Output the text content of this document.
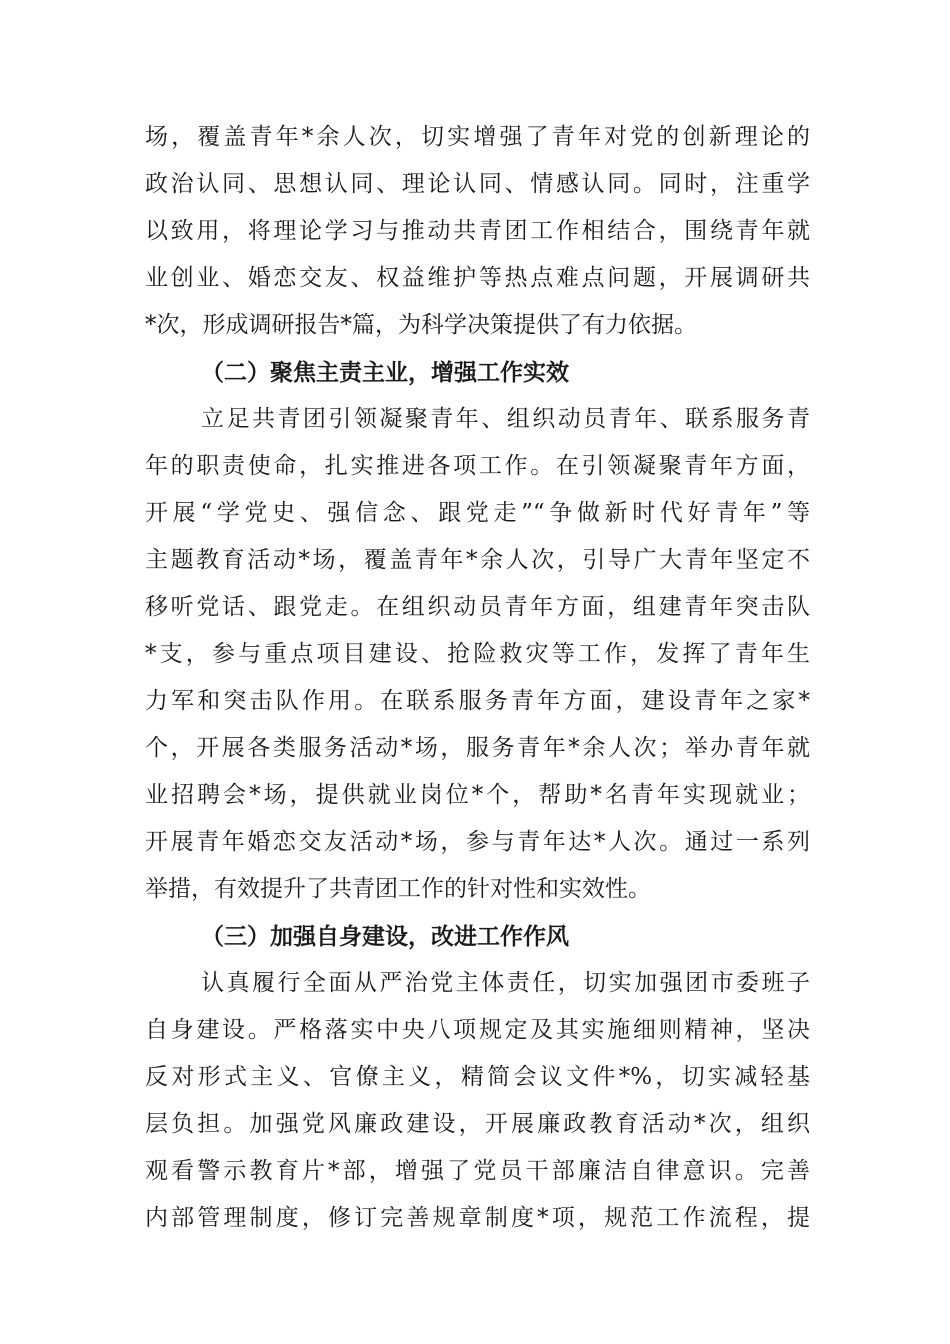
场，覆盖青年*余人次，切实增强了青年对党的创新理论的
政治认同、思想认同、理论认同、情感认同。同时，注重学
以致用，将理论学习与推动共青团工作相结合，围绕青年就
业创业、婚恋交友、权益维护等热点难点问题，开展调研共
*次，形成调研报告*篇，为科学决策提供了有力依据。
（二）聚焦主责主业，增强工作实效
立足共青团引领凝聚青年、组织动员青年、联系服务青
年的职责使命，扎实推进各项工作。在引领凝聚青年方面，
开展“学党史、强信念、跟党走”“争做新时代好青年”等
主题教育活动*场，覆盖青年*余人次，引导广大青年坚定不
移听党话、跟党走。在组织动员青年方面，组建青年突击队
*支，参与重点项目建设、抢险救灾等工作，发挥了青年生
力军和突击队作用。在联系服务青年方面，建设青年之家*
个，开展各类服务活动*场，服务青年*余人次；举办青年就
业招聘会*场，提供就业岗位*个，帮助*名青年实现就业；
开展青年婚恋交友活动*场，参与青年达*人次。通过一系列
举措，有效提升了共青团工作的针对性和实效性。
（三）加强自身建设，改进工作作风
认真履行全面从严治党主体责任，切实加强团市委班子
自身建设。严格落实中央八项规定及其实施细则精神，坚决
反对形式主义、官僚主义，精简会议文件*%，切实减轻基
层负担。加强党风廉政建设，开展廉政教育活动*次，组织
观看警示教育片*部，增强了党员干部廉洁自律意识。完善
内部管理制度，修订完善规章制度*项，规范工作流程，提
